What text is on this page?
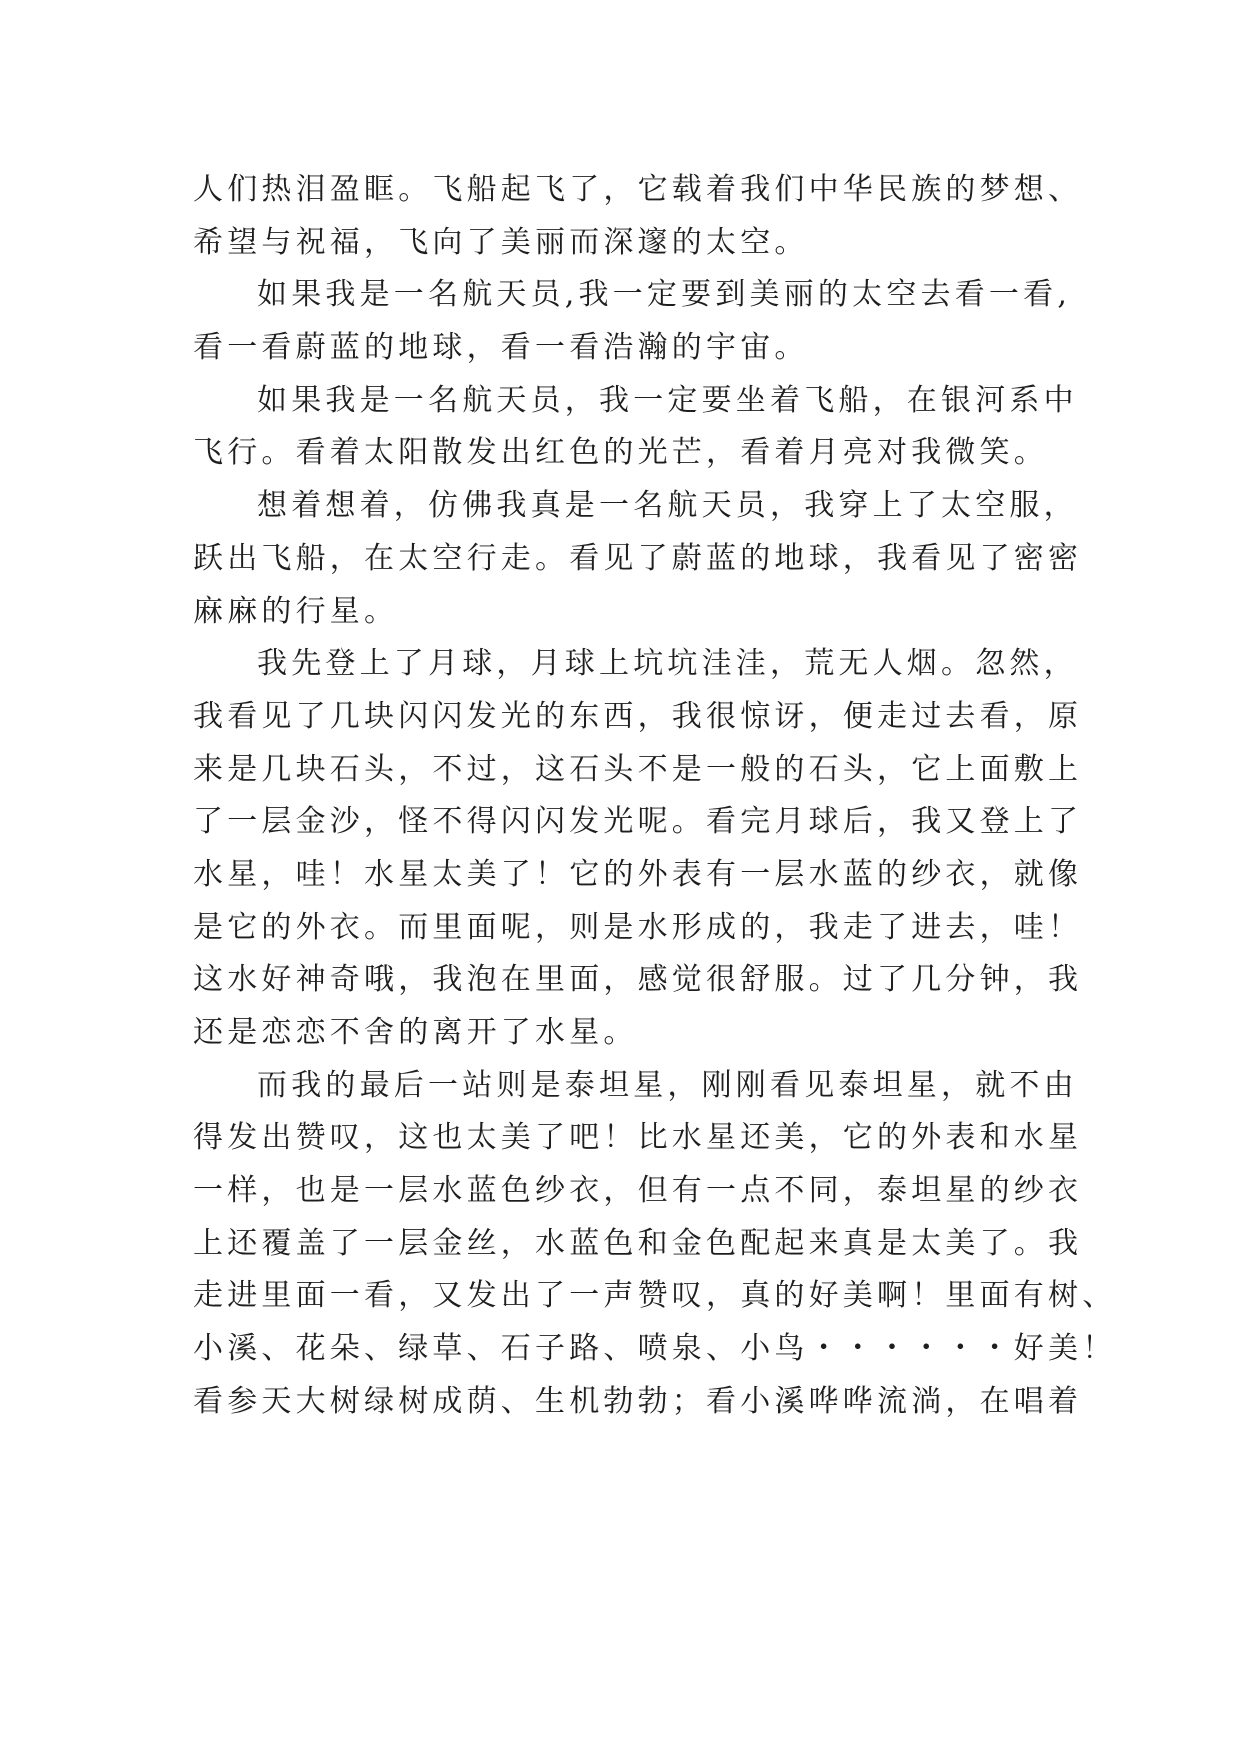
人们热泪盈眶。飞船起飞了，它载着我们中华民族的梦想、
希望与祝福，飞向了美丽而深邃的太空。
如果我是一名航天员,我一定要到美丽的太空去看一看,
看一看蔚蓝的地球，看一看浩瀚的宇宙。
如果我是一名航天员，我一定要坐着飞船，在银河系中
飞行。看着太阳散发出红色的光芒，看着月亮对我微笑。
想着想着，仿佛我真是一名航天员，我穿上了太空服，
跃出飞船，在太空行走。看见了蔚蓝的地球，我看见了密密
麻麻的行星。
我先登上了月球，月球上坑坑洼洼，荒无人烟。忽然，
我看见了几块闪闪发光的东西，我很惊讶，便走过去看，原
来是几块石头，不过，这石头不是一般的石头，它上面敷上
了一层金沙，怪不得闪闪发光呢。看完月球后，我又登上了
水星，哇！水星太美了！它的外表有一层水蓝的纱衣，就像
是它的外衣。而里面呢，则是水形成的，我走了进去，哇！
这水好神奇哦，我泡在里面，感觉很舒服。过了几分钟，我
还是恋恋不舍的离开了水星。
而我的最后一站则是泰坦星，刚刚看见泰坦星，就不由
得发出赞叹，这也太美了吧！比水星还美，它的外表和水星
一样，也是一层水蓝色纱衣，但有一点不同，泰坦星的纱衣
上还覆盖了一层金丝，水蓝色和金色配起来真是太美了。我
走进里面一看，又发出了一声赞叹，真的好美啊！里面有树、
小溪、花朵、绿草、石子路、喷泉、小鸟・・・・・・好美！
看参天大树绿树成荫、生机勃勃；看小溪哗哗流淌，在唱着
